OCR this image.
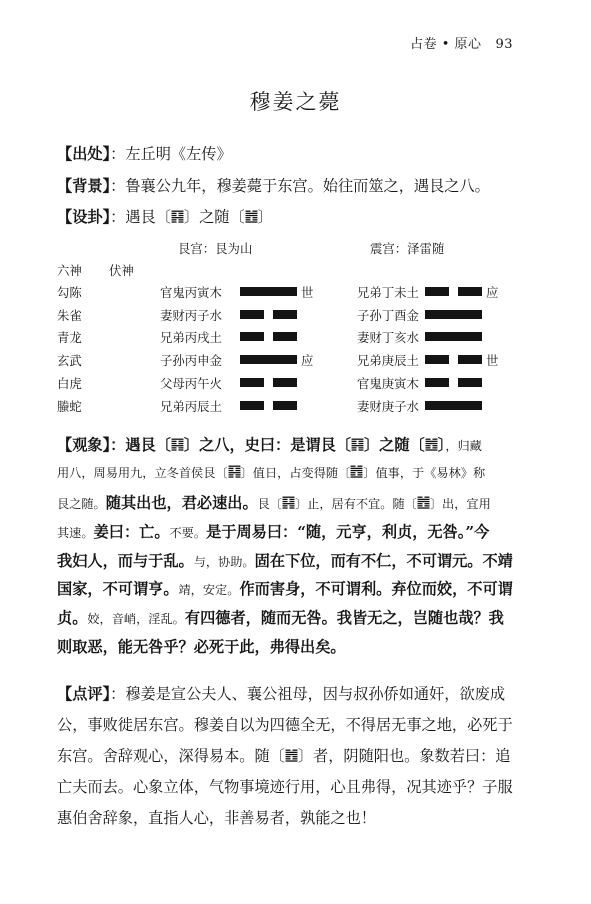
占卷 • 原心 93
穆姜之薨
【出处】：左丘明《左传》
【背景】：鲁襄公九年，穆姜薨于东宫。始往而筮之，遇艮之八。
【设卦】：遇艮〔 〕之随〔 〕
艮宫：艮为山	震宫：泽雷随
六神 伏神
勾陈	官鬼丙寅木	世	兄弟丁未土	应
朱雀	妻财丙子水	子孙丁酉金
青龙	兄弟丙戌土	妻财丁亥水
玄武	子孙丙申金	应	兄弟庚辰土	世
白虎	父母丙午火	官鬼庚寅木
螣蛇	兄弟丙辰土	妻财庚子水
【观象】：遇艮〔 〕之八，史曰：是谓艮〔 〕之随〔 〕，归藏
用八，周易用九，立冬首侯艮〔 〕值日，占变得随〔 〕值事，于《易林》称
艮之随。随其出也，君必速出。艮〔 〕止，居有不宜。随〔 〕出，宜用
其速。姜曰：亡。不要。是于周易曰：“随，元亨，利贞，无咎。”今
我妇人，而与于乱。与，协助。固在下位，而有不仁，不可谓元。不靖
国家，不可谓亨。靖，安定。作而害身，不可谓利。弃位而姣，不可谓
贞。姣，音峭，淫乱。有四德者，随而无咎。我皆无之，岂随也哉？我
则取恶，能无咎乎？必死于此，弗得出矣。
【点评】：穆姜是宣公夫人、襄公祖母，因与叔孙侨如通奸，欲废成
公，事败徙居东宫。穆姜自以为四德全无，不得居无事之地，必死于
东宫。舍辞观心，深得易本。随〔 〕者，阴随阳也。象数若曰：追
亡夫而去。心象立体，气物事境迹行用，心且弗得，况其迹乎？子服
惠伯舍辞象，直指人心，非善易者，孰能之也！
